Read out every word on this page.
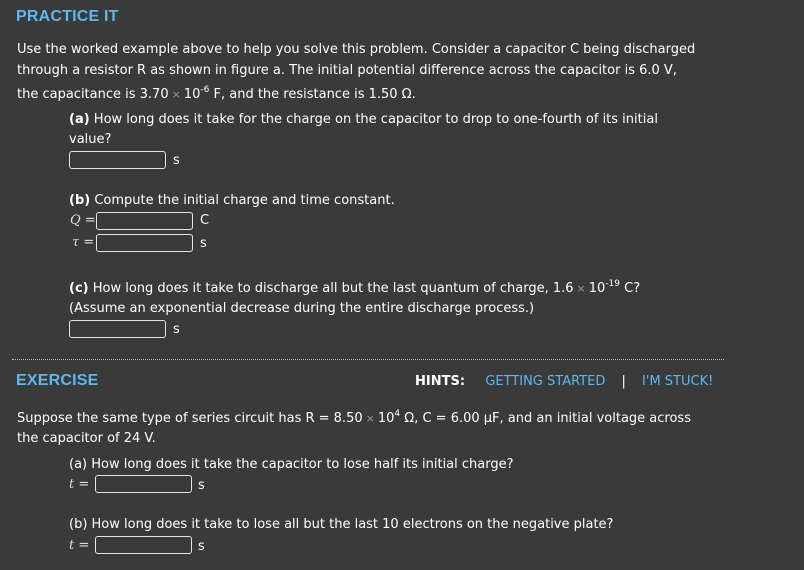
PRACTICE IT
Use the worked example above to help you solve this problem. Consider a capacitor C being discharged
through a resistor R as shown in figure a. The initial potential difference across the capacitor is 6.0 V,
the capacitance is $3.70 \times 10^{-6}$ F, and the resistance is 1.50 Ω.
(a) How long does it take for the charge on the capacitor to drop to one-fourth of its initial
value?
s
(b) Compute the initial charge and time constant.
Q =	C
τ =	s
(c) How long does it take to discharge all but the last quantum of charge, $1.6 \times 10^{-19}$ C?
(Assume an exponential decrease during the entire discharge process.)
s
EXERCISE	HINTS: GETTING STARTED | I'M STUCK!
Suppose the same type of series circuit has $R = 8.50 \times 10^4$ Ω, C = 6.00 μF, and an initial voltage across
the capacitor of 24 V.
(a) How long does it take the capacitor to lose half its initial charge?
t =	s
(b) How long does it take to lose all but the last 10 electrons on the negative plate?
t =	s
